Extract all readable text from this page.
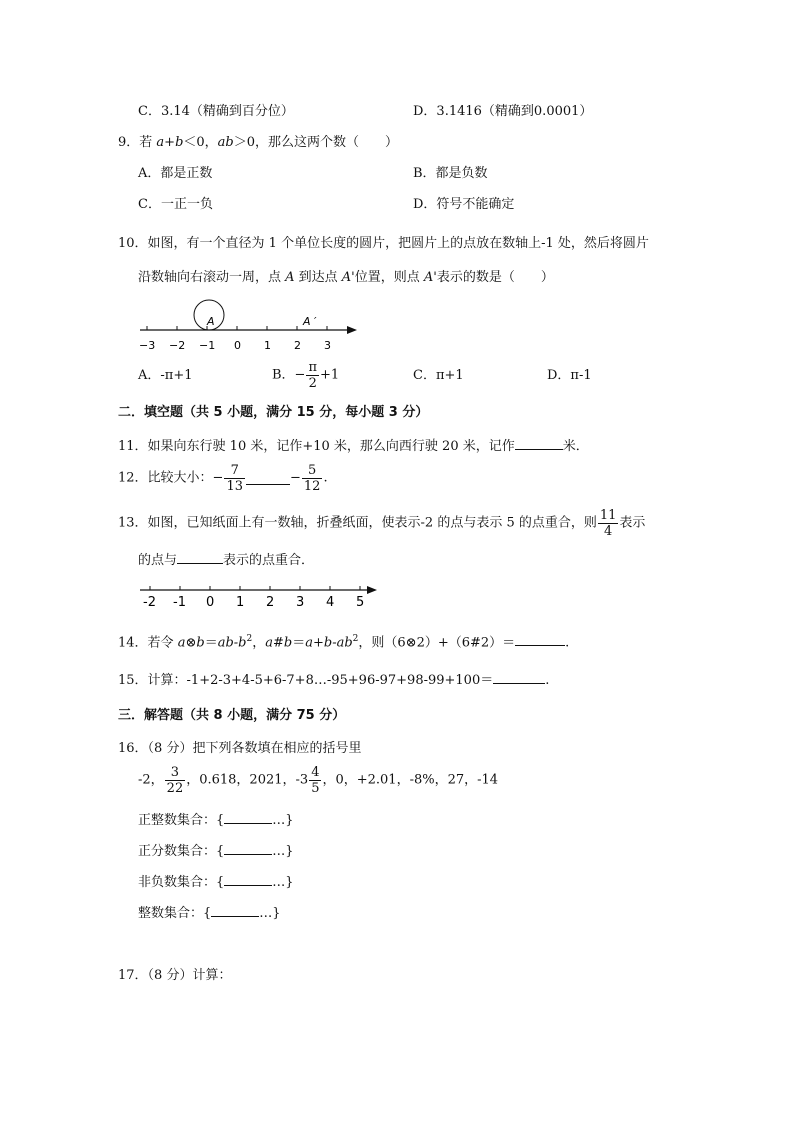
C．3.14（精确到百分位）	D．3.1416（精确到0.0001）
9．若 a+b＜0，ab＞0，那么这两个数（　　）
A．都是正数	B．都是负数
C．一正一负	D．符号不能确定
10．如图，有一个直径为 1 个单位长度的圆片，把圆片上的点放在数轴上-1 处，然后将圆片
沿数轴向右滚动一周，点 A 到达点 A'位置，则点 A'表示的数是（　　）
A	A ′
−3 −2 −1 0 1 2 3
A．-π+1	B．− $\frac{\pi}{2} +1$	C．π+1	D．π-1
二．填空题（共 5 小题，满分 15 分，每小题 3 分）
11．如果向东行驶 10 米，记作+10 米，那么向西行驶 20 米，记作	米．
12．比较大小：− $\frac{7}{13}$	− $\frac{5}{12}$ .
13．如图，已知纸面上有一数轴，折叠纸面，使表示-2 的点与表示 5 的点重合，则 $\frac{11}{4}$ 表示
的点与	表示的点重合．
-2 -1 0 1 2 3 4 5
14．若令 $a\otimes b=ab-b^2$，$a\#b=a+b-ab^2$，则（6⊗2）+（6#2）＝	.
15．计算：-1+2-3+4-5+6-7+8…-95+96-97+98-99+100＝	.
三．解答题（共 8 小题，满分 75 分）
16．（8 分）把下列各数填在相应的括号里
-2， $\frac{3}{22}$ ，0.618，2021，$-3 \frac{4}{5}$ ，0，+2.01，-8%，27，-14
正整数集合：{	…}
正分数集合：{	…}
非负数集合：{	…}
整数集合：{	…}
17．（8 分）计算：
